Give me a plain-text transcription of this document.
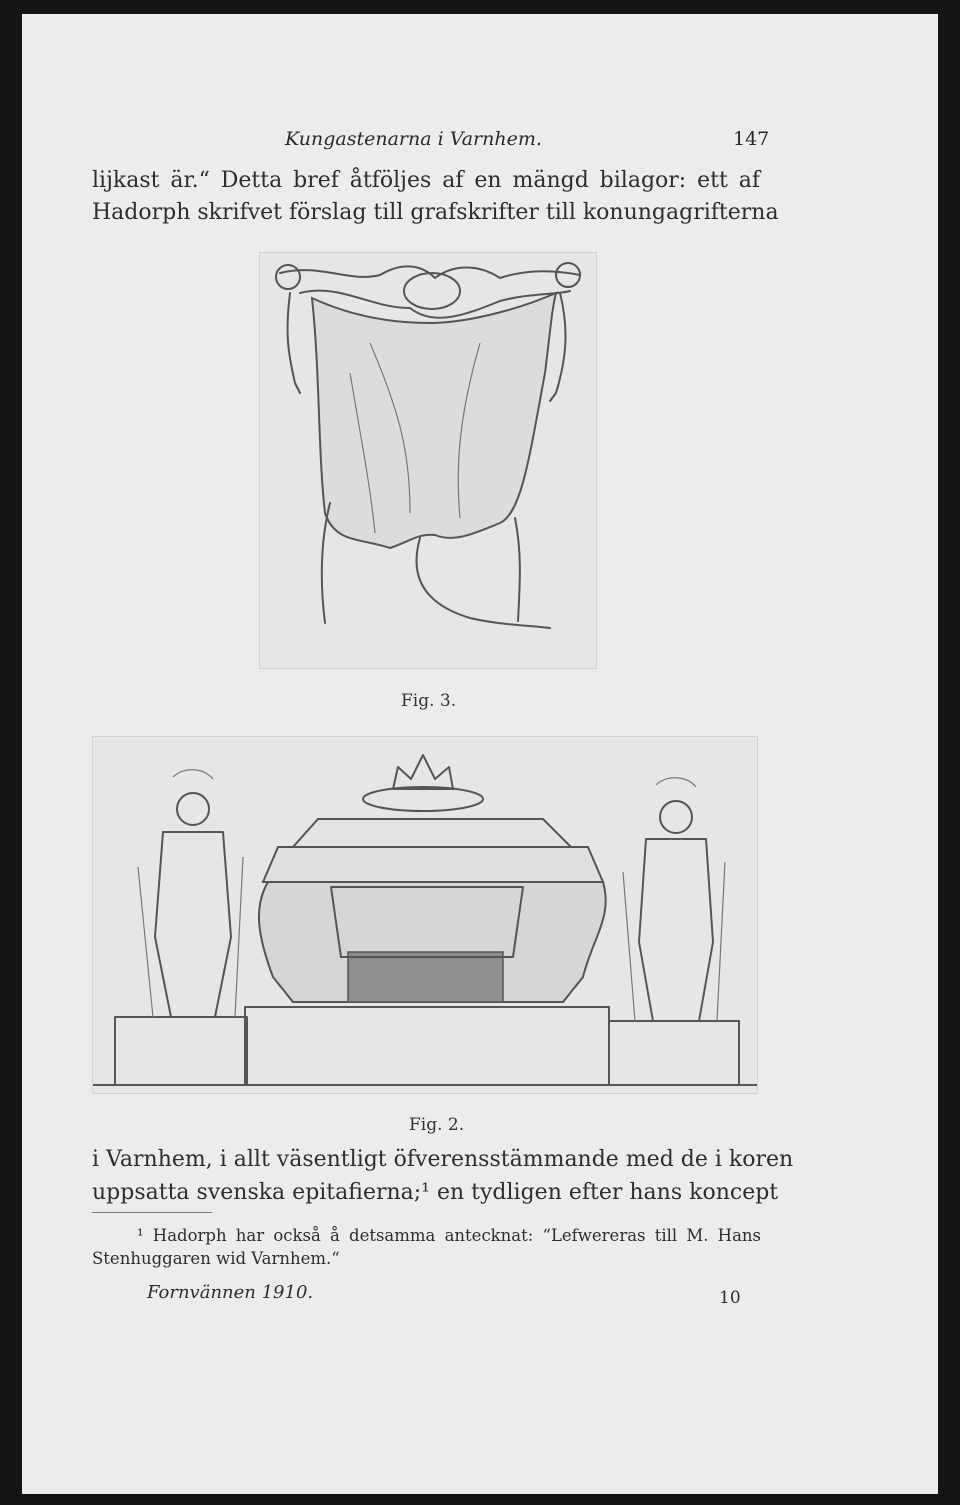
Kungastenarna i Varnhem.	147

lijkast är.“ Detta bref åtföljes af en mängd bilagor: ett af

Hadorph skrifvet förslag till grafskrifter till konungagrifterna

Fig. 3.
Fig. 2.

i Varnhem, i allt väsentligt öfverensstämmande med de i koren

uppsatta svenska epitafierna;¹ en tydligen efter hans koncept

¹ Hadorph har också å detsamma antecknat: “Lefwereras till M. Hans

Stenhuggaren wid Varnhem.“

Fornvännen 1910.	10
